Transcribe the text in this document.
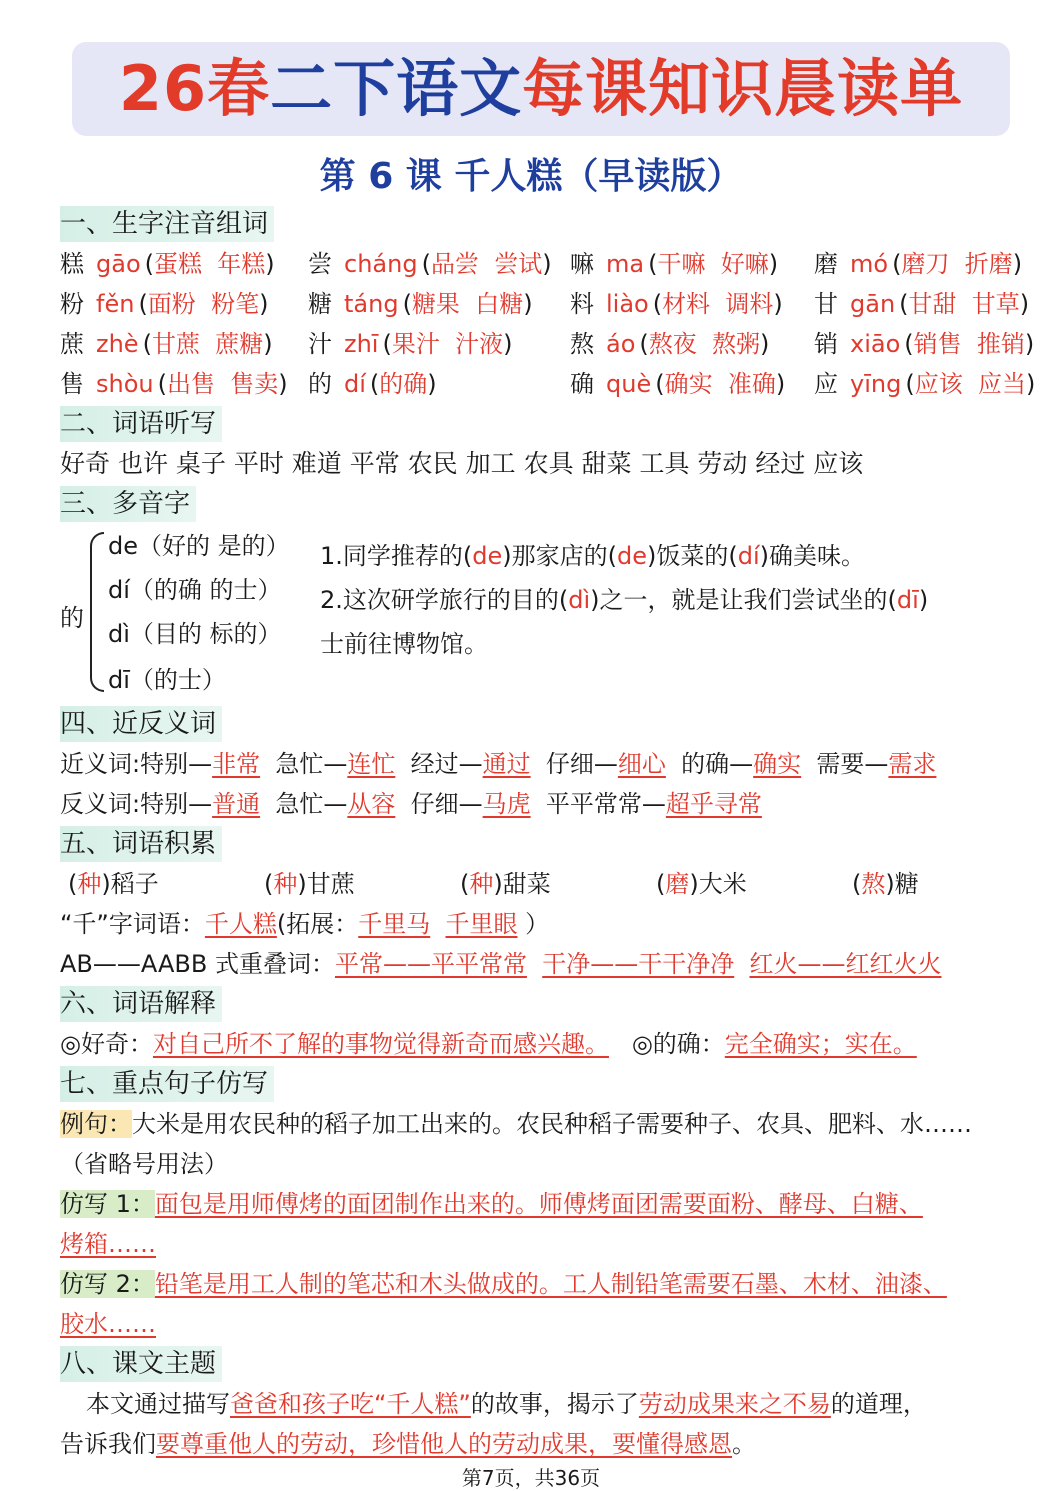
26春二下语文每课知识晨读单
第 6 课 千人糕（早读版）
一、生字注音组词
糕 gāo (蛋糕 年糕) 尝 cháng (品尝 尝试) 嘛 ma (干嘛 好嘛) 磨 mó (磨刀 折磨)
粉 fěn (面粉 粉笔) 糖 táng (糖果 白糖) 料 liào (材料 调料) 甘 gān (甘甜 甘草)
蔗 zhè (甘蔗 蔗糖) 汁 zhī (果汁 汁液) 熬 áo (熬夜 熬粥) 销 xiāo (销售 推销)
售 shòu (出售 售卖) 的 dí (的确)	确 què (确实 准确) 应 yīng (应该 应当)
二、词语听写
好奇 也许 桌子 平时 难道 平常 农民 加工 农具 甜菜 工具 劳动 经过 应该
三、多音字
的
de（好的 是的）
dí（的确 的士）
dì（目的 标的）
dī（的士）
1.同学推荐的(de)那家店的(de)饭菜的(dí)确美味。
2.这次研学旅行的目的(dì)之一，就是让我们尝试坐的(dī)
士前往博物馆。
四、近反义词
近义词:特别—非常 急忙—连忙 经过—通过 仔细—细心 的确—确实 需要—需求
反义词:特别—普通 急忙—从容 仔细—马虎 平平常常—超乎寻常
五、词语积累
(种)稻子	(种)甘蔗	(种)甜菜	(磨)大米	(熬)糖
“千”字词语：千人糕(拓展：千里马 千里眼 ）
AB——AABB 式重叠词：平常——平平常常 干净——干干净净 红火——红红火火
六、词语解释
◎好奇：对自己所不了解的事物觉得新奇而感兴趣。 ◎的确：完全确实；实在。
七、重点句子仿写
例句：大米是用农民种的稻子加工出来的。农民种稻子需要种子、农具、肥料、水……
（省略号用法）
仿写 1：面包是用师傅烤的面团制作出来的。师傅烤面团需要面粉、酵母、白糖、
烤箱……
仿写 2：铅笔是用工人制的笔芯和木头做成的。工人制铅笔需要石墨、木材、油漆、
胶水……
八、课文主题
本文通过描写爸爸和孩子吃“千人糕”的故事，揭示了劳动成果来之不易的道理，
告诉我们要尊重他人的劳动，珍惜他人的劳动成果，要懂得感恩。
第7页，共36页
